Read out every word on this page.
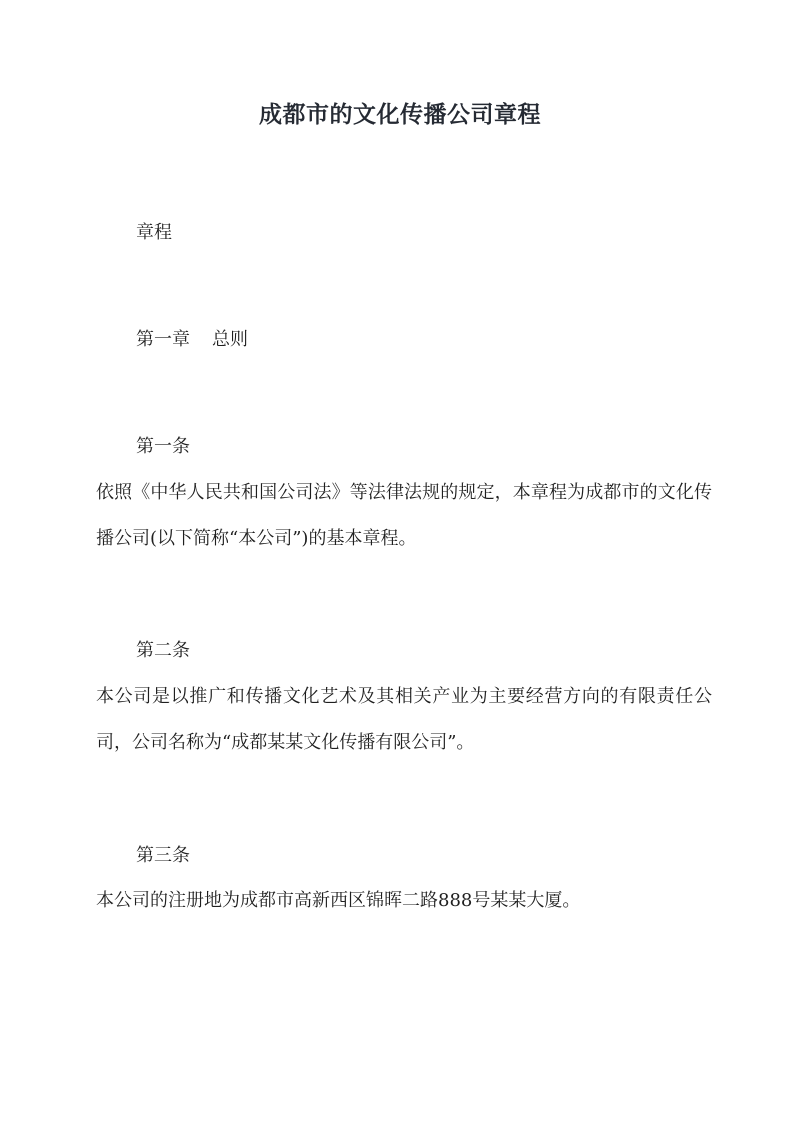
成都市的文化传播公司章程
章程
第一章 总则
第一条
依照《中华人民共和国公司法》等法律法规的规定，本章程为成都市的文化传播公司(以下简称“本公司”)的基本章程。
第二条
本公司是以推广和传播文化艺术及其相关产业为主要经营方向的有限责任公司，公司名称为“成都某某文化传播有限公司”。
第三条
本公司的注册地为成都市高新西区锦晖二路888号某某大厦。
